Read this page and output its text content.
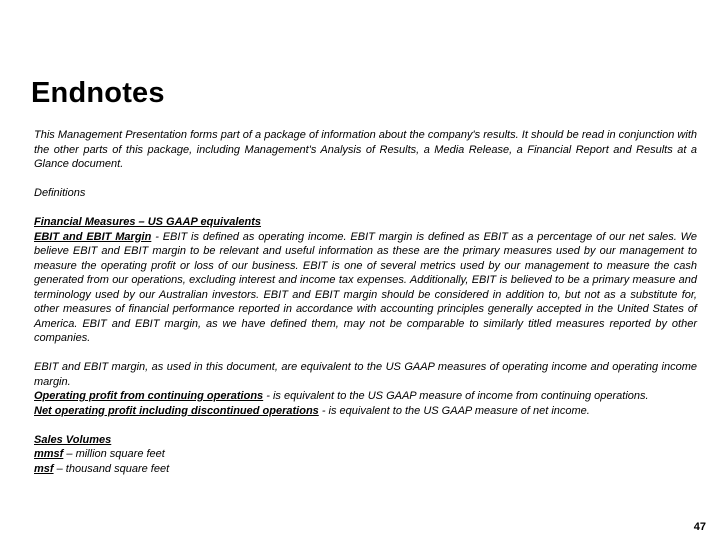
Endnotes

This Management Presentation forms part of a package of information about the company's results. It should be read in conjunction with the other parts of this package, including Management's Analysis of Results, a Media Release, a Financial Report and Results at a Glance document.

Definitions

Financial Measures – US GAAP equivalents

EBIT and EBIT Margin - EBIT is defined as operating income. EBIT margin is defined as EBIT as a percentage of our net sales. We believe EBIT and EBIT margin to be relevant and useful information as these are the primary measures used by our management to measure the operating profit or loss of our business. EBIT is one of several metrics used by our management to measure the cash generated from our operations, excluding interest and income tax expenses. Additionally, EBIT is believed to be a primary measure and terminology used by our Australian investors. EBIT and EBIT margin should be considered in addition to, but not as a substitute for, other measures of financial performance reported in accordance with accounting principles generally accepted in the United States of America. EBIT and EBIT margin, as we have defined them, may not be comparable to similarly titled measures reported by other companies.

EBIT and EBIT margin, as used in this document, are equivalent to the US GAAP measures of operating income and operating income margin.

Operating profit from continuing operations - is equivalent to the US GAAP measure of income from continuing operations.

Net operating profit including discontinued operations - is equivalent to the US GAAP measure of net income.

Sales Volumes

mmsf – million square feet

msf – thousand square feet

47
